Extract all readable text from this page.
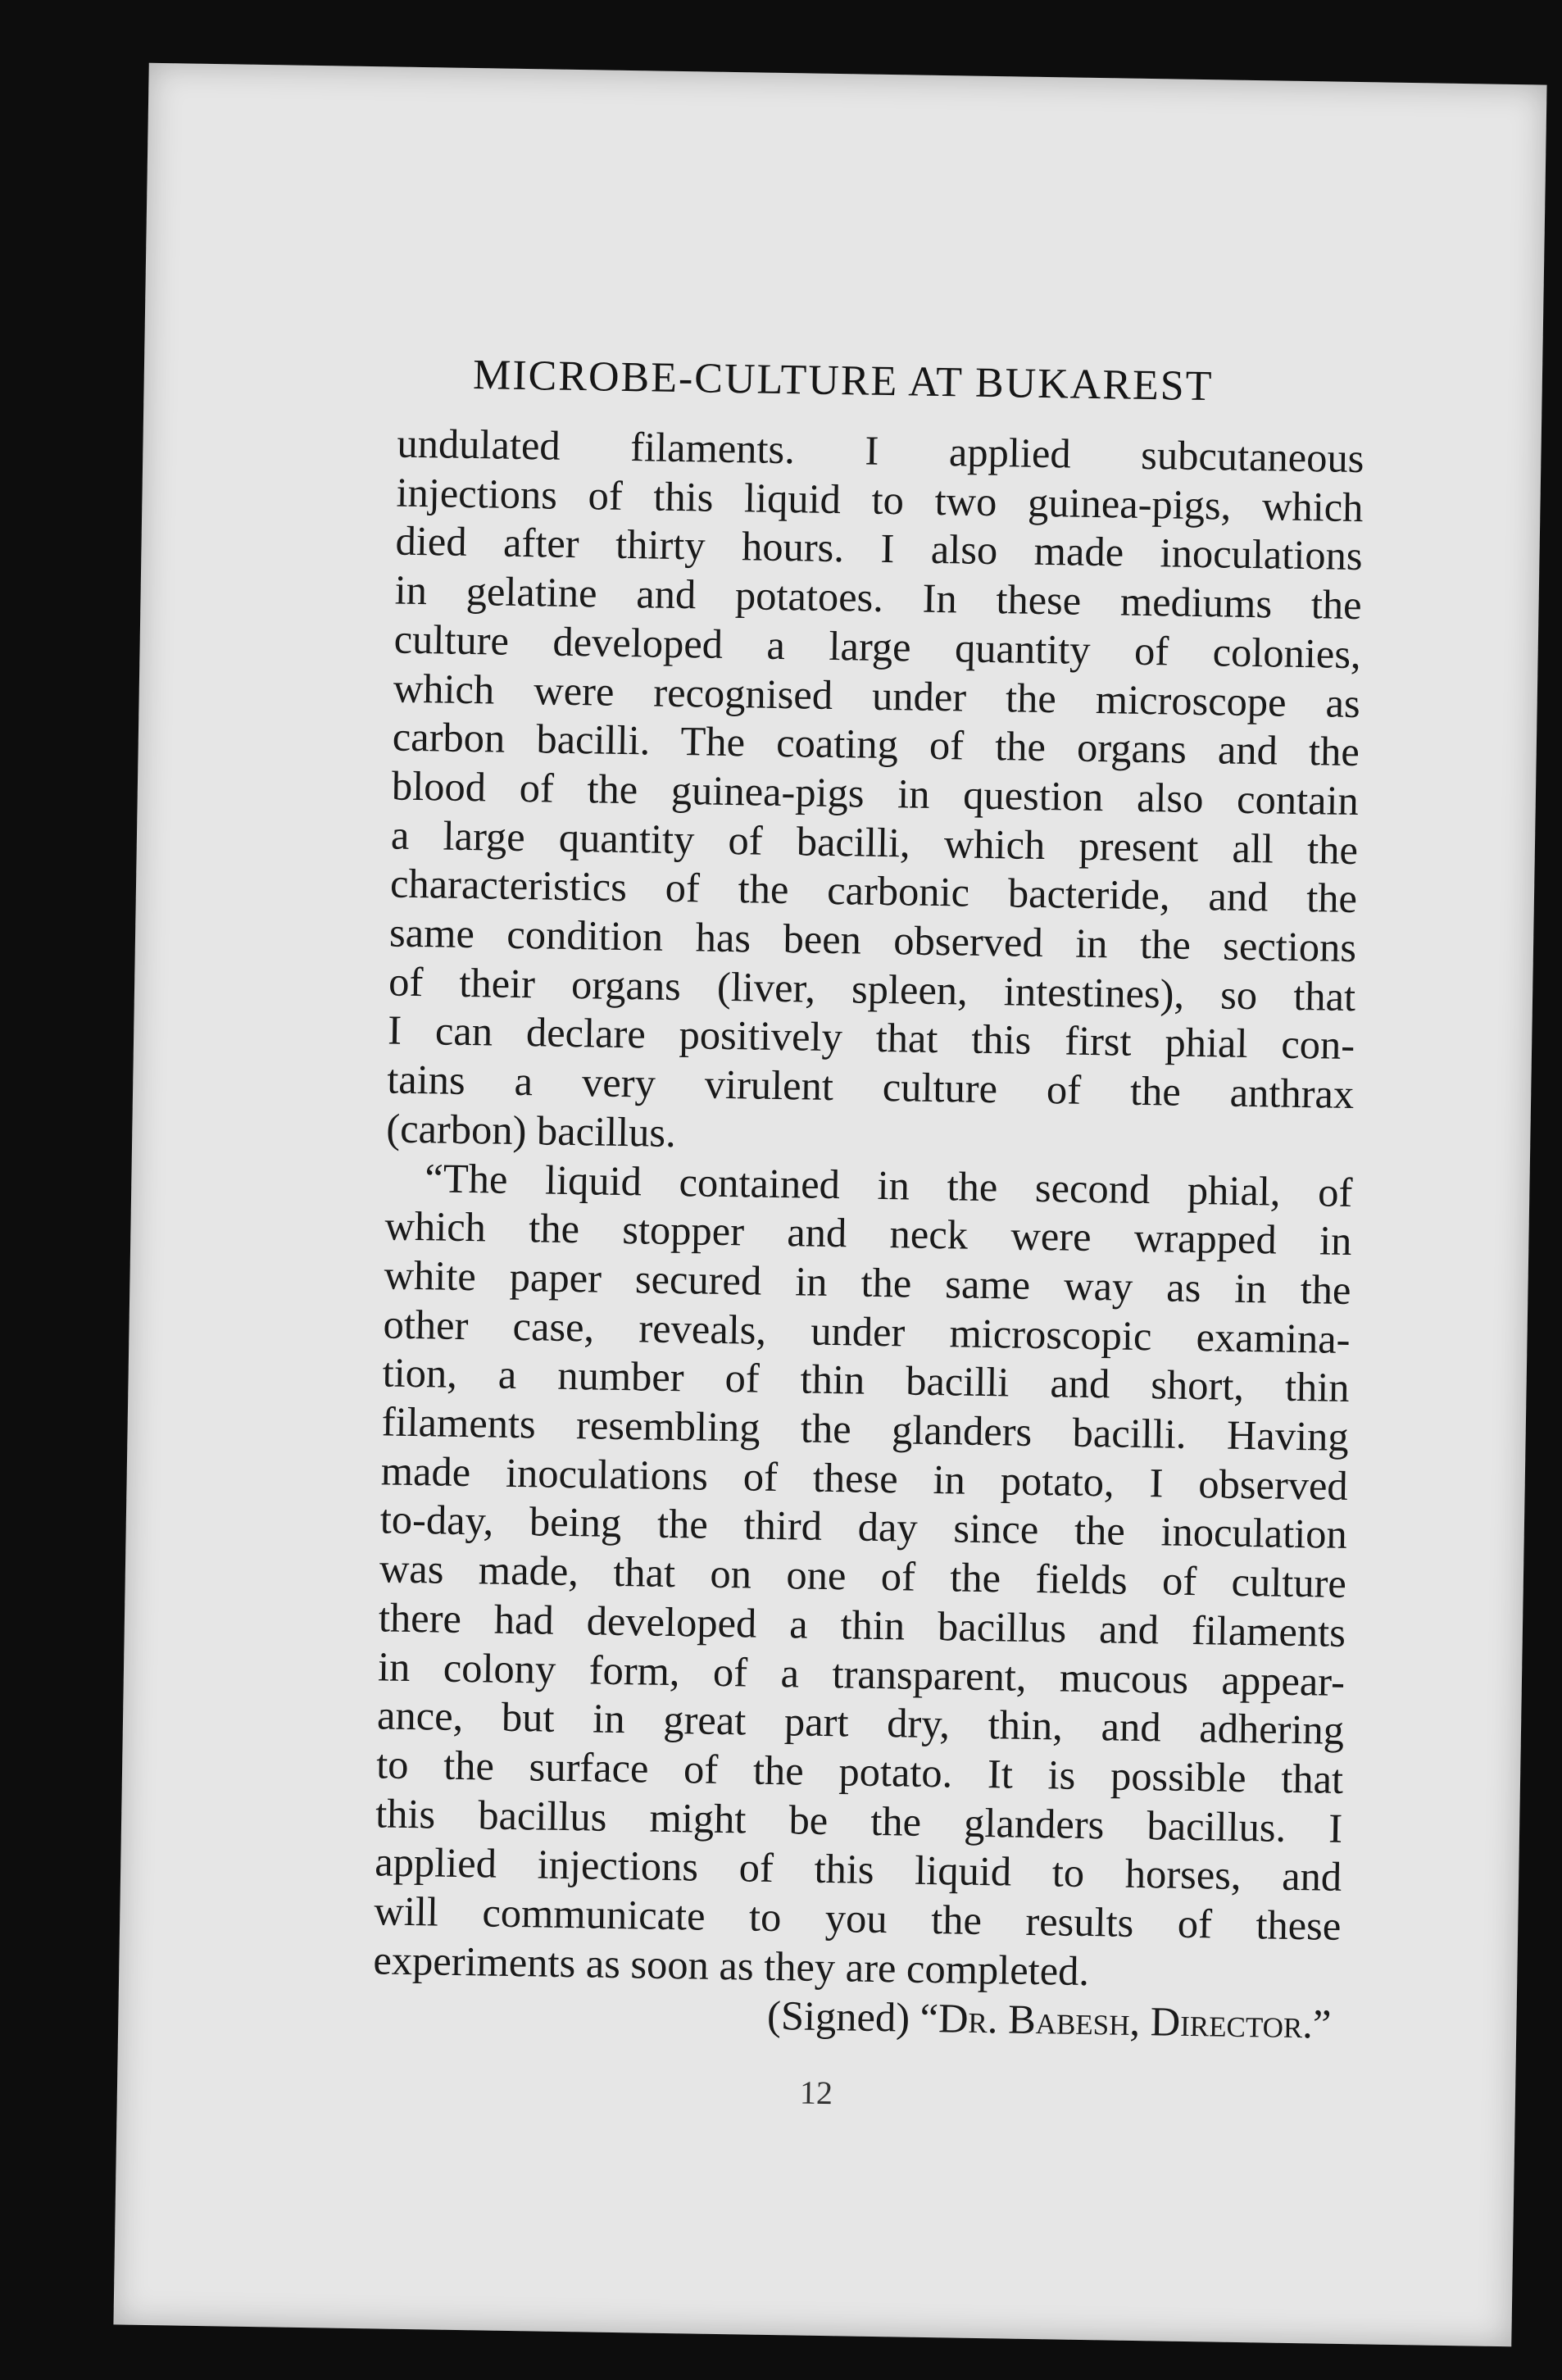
MICROBE-CULTURE AT BUKAREST

undulated filaments. I applied subcutaneous
injections of this liquid to two guinea-pigs, which
died after thirty hours. I also made inoculations
in gelatine and potatoes. In these mediums the
culture developed a large quantity of colonies,
which were recognised under the microscope as
carbon bacilli. The coating of the organs and the
blood of the guinea-pigs in question also contain
a large quantity of bacilli, which present all the
characteristics of the carbonic bacteride, and the
same condition has been observed in the sections
of their organs (liver, spleen, intestines), so that
I can declare positively that this first phial con-
tains a very virulent culture of the anthrax
(carbon) bacillus.

“The liquid contained in the second phial, of
which the stopper and neck were wrapped in
white paper secured in the same way as in the
other case, reveals, under microscopic examina-
tion, a number of thin bacilli and short, thin
filaments resembling the glanders bacilli. Having
made inoculations of these in potato, I observed
to-day, being the third day since the inoculation
was made, that on one of the fields of culture
there had developed a thin bacillus and filaments
in colony form, of a transparent, mucous appear-
ance, but in great part dry, thin, and adhering
to the surface of the potato. It is possible that
this bacillus might be the glanders bacillus. I
applied injections of this liquid to horses, and
will communicate to you the results of these
experiments as soon as they are completed.

(Signed) “Dr. Babesh, Director.”

12
